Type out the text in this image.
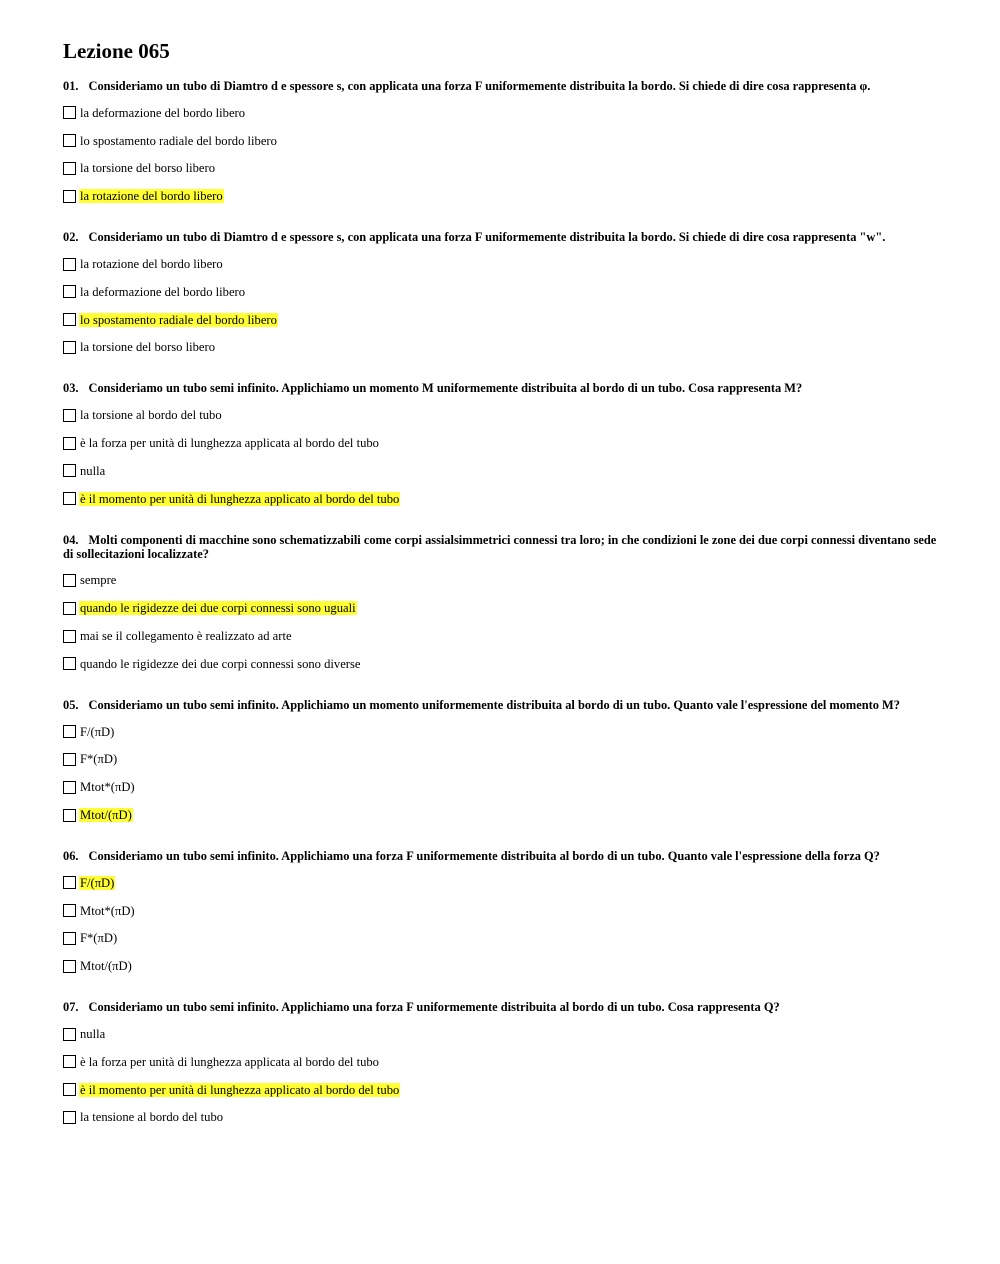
Lezione 065

01. Consideriamo un tubo di Diamtro d e spessore s, con applicata una forza F uniformemente distribuita la bordo. Si chiede di dire cosa rappresenta φ.

la deformazione del bordo libero
lo spostamento radiale del bordo libero
la torsione del borso libero
la rotazione del bordo libero

02. Consideriamo un tubo di Diamtro d e spessore s, con applicata una forza F uniformemente distribuita la bordo. Si chiede di dire cosa rappresenta "w".

la rotazione del bordo libero
la deformazione del bordo libero
lo spostamento radiale del bordo libero
la torsione del borso libero

03. Consideriamo un tubo semi infinito. Applichiamo un momento M uniformemente distribuita al bordo di un tubo. Cosa rappresenta M?

la torsione al bordo del tubo
è la forza per unità di lunghezza applicata al bordo del tubo
nulla
è il momento per unità di lunghezza applicato al bordo del tubo

04. Molti componenti di macchine sono schematizzabili come corpi assialsimmetrici connessi tra loro; in che condizioni le zone dei due corpi connessi diventano sede di sollecitazioni localizzate?

sempre
quando le rigidezze dei due corpi connessi sono uguali
mai se il collegamento è realizzato ad arte
quando le rigidezze dei due corpi connessi sono diverse

05. Consideriamo un tubo semi infinito. Applichiamo un momento uniformemente distribuita al bordo di un tubo. Quanto vale l'espressione del momento M?

F/(πD)
F*(πD)
Mtot*(πD)
Mtot/(πD)

06. Consideriamo un tubo semi infinito. Applichiamo una forza F uniformemente distribuita al bordo di un tubo. Quanto vale l'espressione della forza Q?

F/(πD)
Mtot*(πD)
F*(πD)
Mtot/(πD)

07. Consideriamo un tubo semi infinito. Applichiamo una forza F uniformemente distribuita al bordo di un tubo. Cosa rappresenta Q?

nulla
è la forza per unità di lunghezza applicata al bordo del tubo
è il momento per unità di lunghezza applicato al bordo del tubo
la tensione al bordo del tubo
